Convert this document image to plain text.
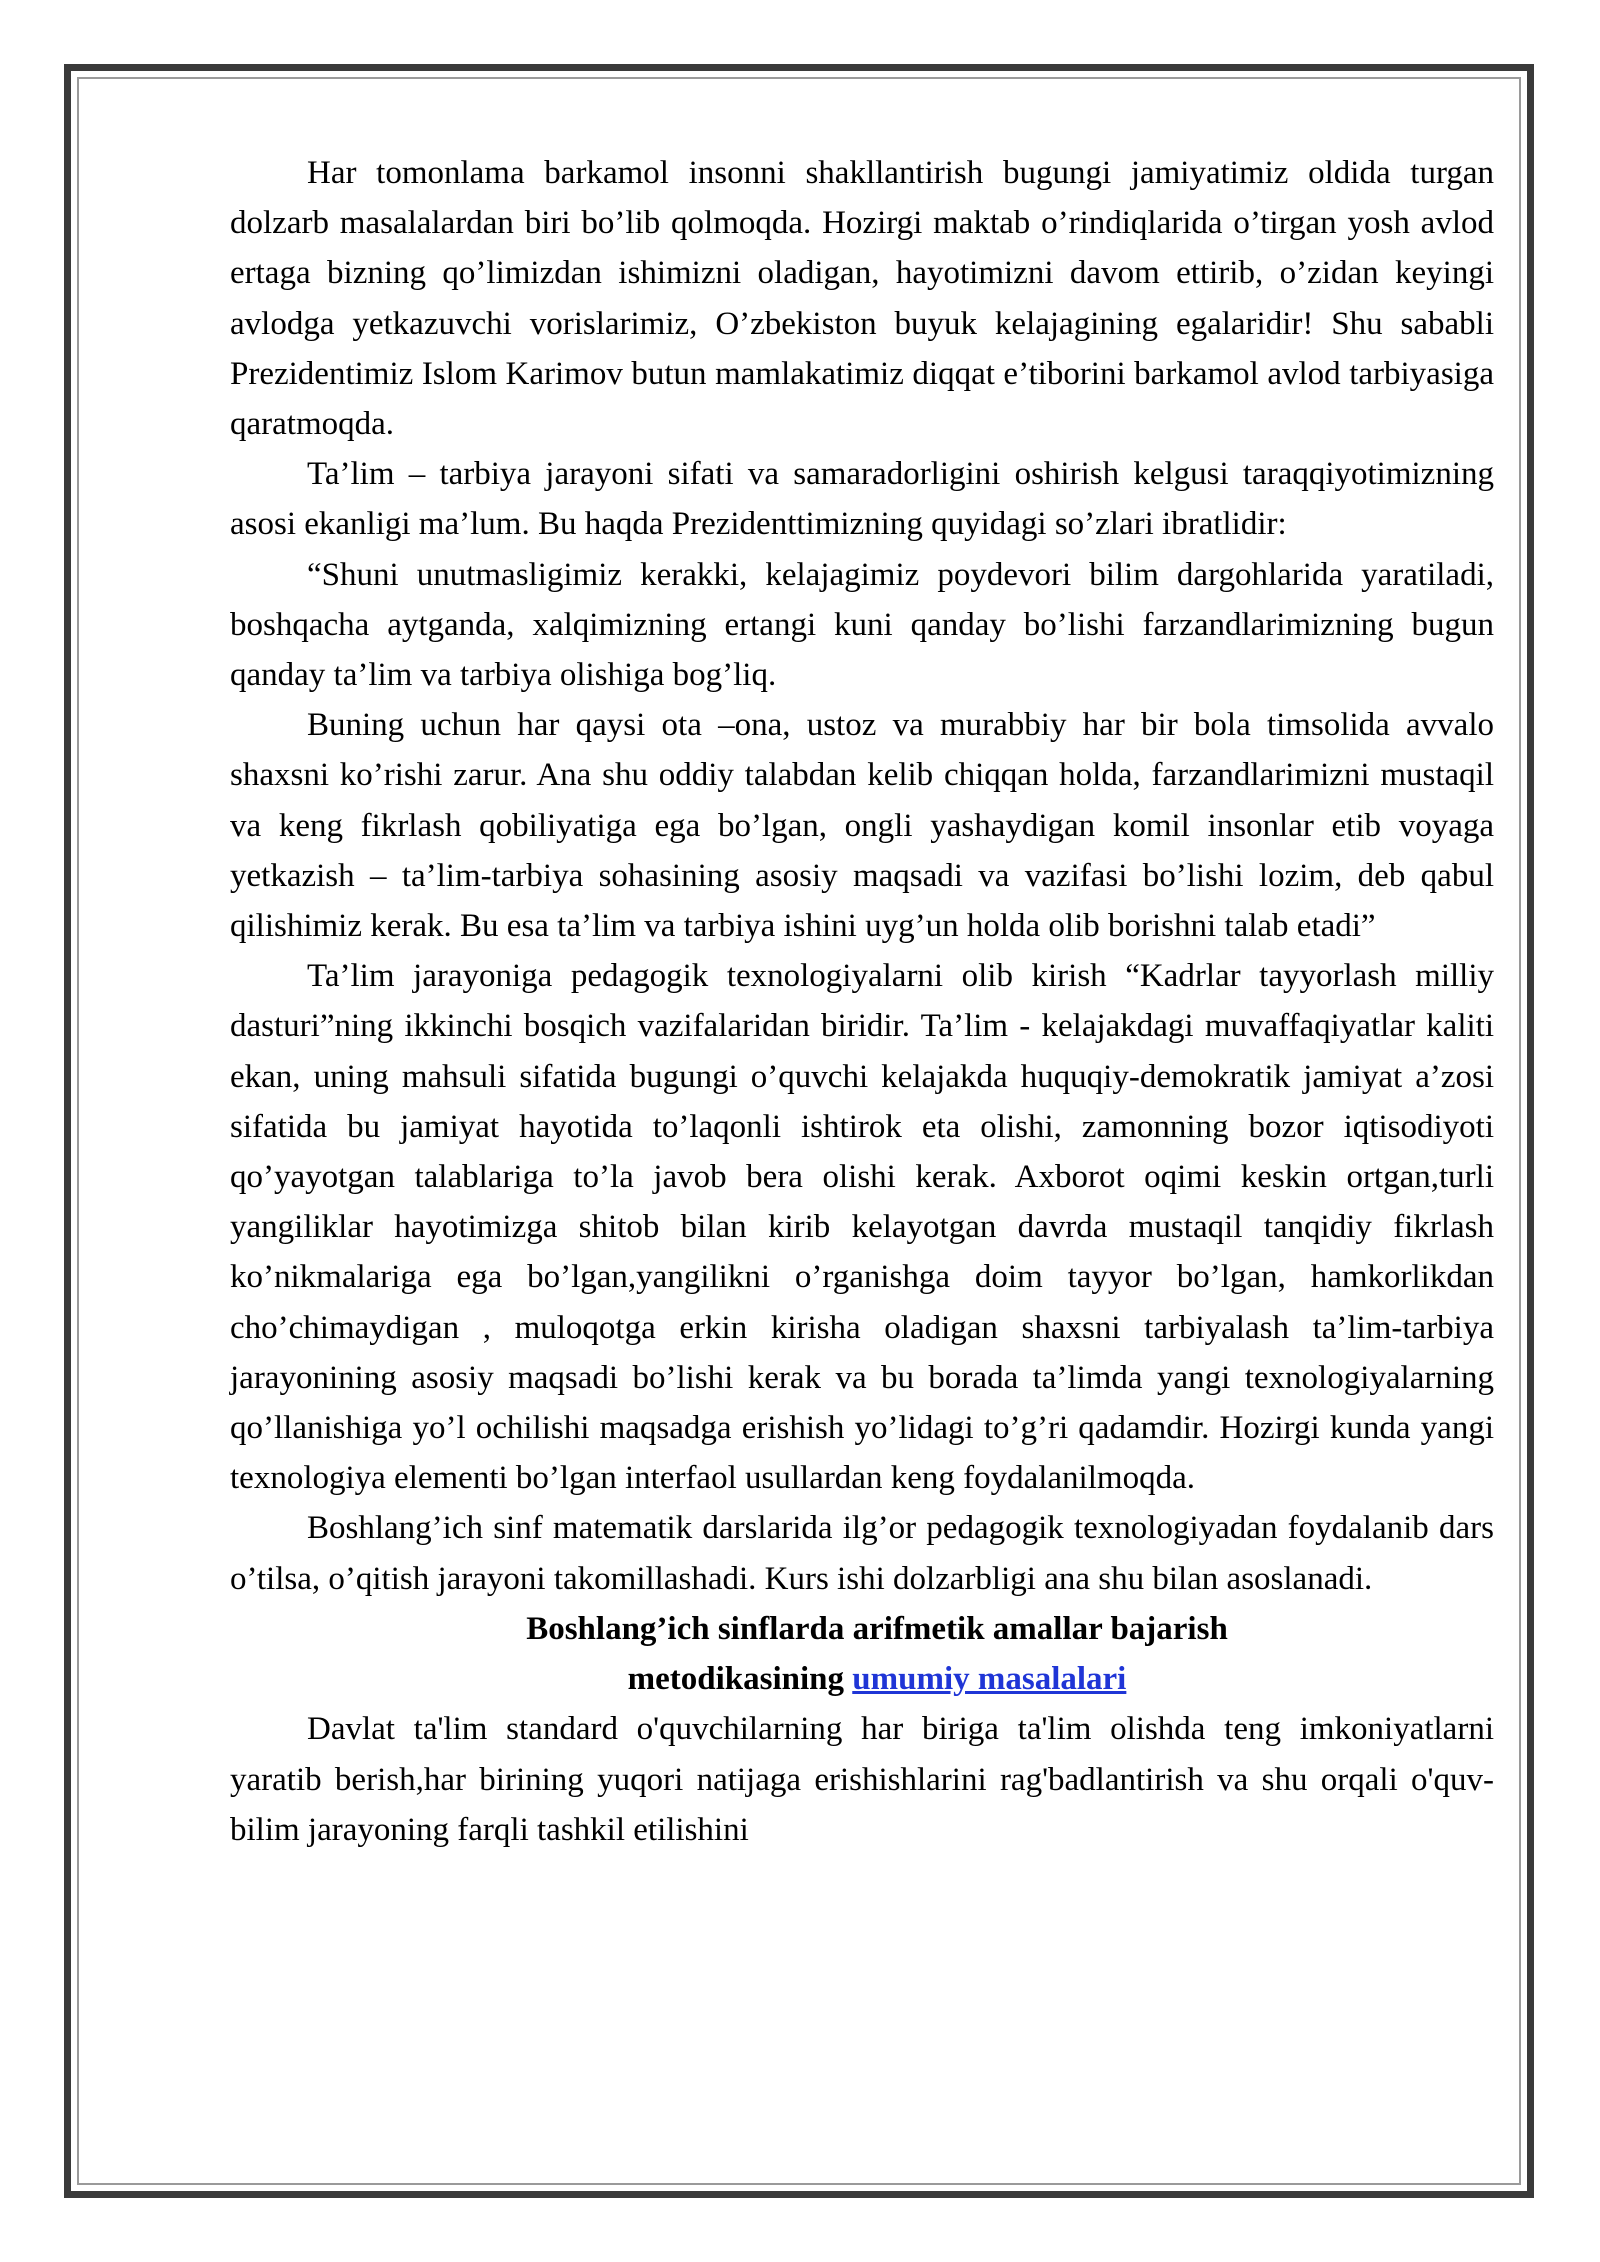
Har tomonlama barkamol insonni shakllantirish bugungi jamiyatimiz oldida turgan dolzarb masalalardan biri bo’lib qolmoqda. Hozirgi maktab o’rindiqlarida o’tirgan yosh avlod ertaga bizning qo’limizdan ishimizni oladigan, hayotimizni davom ettirib, o’zidan keyingi avlodga yetkazuvchi vorislarimiz, O’zbekiston buyuk kelajagining egalaridir! Shu sababli Prezidentimiz Islom Karimov butun mamlakatimiz diqqat e’tiborini barkamol avlod tarbiyasiga qaratmoqda.

Ta’lim – tarbiya jarayoni sifati va samaradorligini oshirish kelgusi taraqqiyotimizning asosi ekanligi ma’lum. Bu haqda Prezidenttimizning quyidagi so’zlari ibratlidir:

“Shuni unutmasligimiz kerakki, kelajagimiz poydevori bilim dargohlarida yaratiladi, boshqacha aytganda, xalqimizning ertangi kuni qanday bo’lishi farzandlarimizning bugun qanday ta’lim va tarbiya olishiga bog’liq.

Buning uchun har qaysi ota –ona, ustoz va murabbiy har bir bola timsolida avvalo shaxsni ko’rishi zarur. Ana shu oddiy talabdan kelib chiqqan holda, farzandlarimizni mustaqil va keng fikrlash qobiliyatiga ega bo’lgan, ongli yashaydigan komil insonlar etib voyaga yetkazish – ta’lim-tarbiya sohasining asosiy maqsadi va vazifasi bo’lishi lozim, deb qabul qilishimiz kerak. Bu esa ta’lim va tarbiya ishini uyg’un holda olib borishni talab etadi”

Ta’lim jarayoniga pedagogik texnologiyalarni olib kirish “Kadrlar tayyorlash milliy dasturi”ning ikkinchi bosqich vazifalaridan biridir. Ta’lim - kelajakdagi muvaffaqiyatlar kaliti ekan, uning mahsuli sifatida bugungi o’quvchi kelajakda huquqiy-demokratik jamiyat a’zosi sifatida bu jamiyat hayotida to’laqonli ishtirok eta olishi, zamonning bozor iqtisodiyoti qo’yayotgan talablariga to’la javob bera olishi kerak. Axborot oqimi keskin ortgan,turli yangiliklar hayotimizga shitob bilan kirib kelayotgan davrda mustaqil tanqidiy fikrlash ko’nikmalariga ega bo’lgan,yangilikni o’rganishga doim tayyor bo’lgan, hamkorlikdan cho’chimaydigan , muloqotga erkin kirisha oladigan shaxsni tarbiyalash ta’lim-tarbiya jarayonining asosiy maqsadi bo’lishi kerak va bu borada ta’limda yangi texnologiyalarning qo’llanishiga yo’l ochilishi maqsadga erishish yo’lidagi to’g’ri qadamdir. Hozirgi kunda yangi texnologiya elementi bo’lgan interfaol usullardan keng foydalanilmoqda.

Boshlang’ich sinf matematik darslarida ilg’or pedagogik texnologiyadan foydalanib dars o’tilsa, o’qitish jarayoni takomillashadi. Kurs ishi dolzarbligi ana shu bilan asoslanadi.

Boshlang’ich sinflarda arifmetik amallar bajarish

metodikasining umumiy masalalari

Davlat ta'lim standard o'quvchilarning har biriga ta'lim olishda teng imkoniyatlarni yaratib berish,har birining yuqori natijaga erishishlarini rag'badlantirish va shu orqali o'quv- bilim jarayoning farqli tashkil etilishini
